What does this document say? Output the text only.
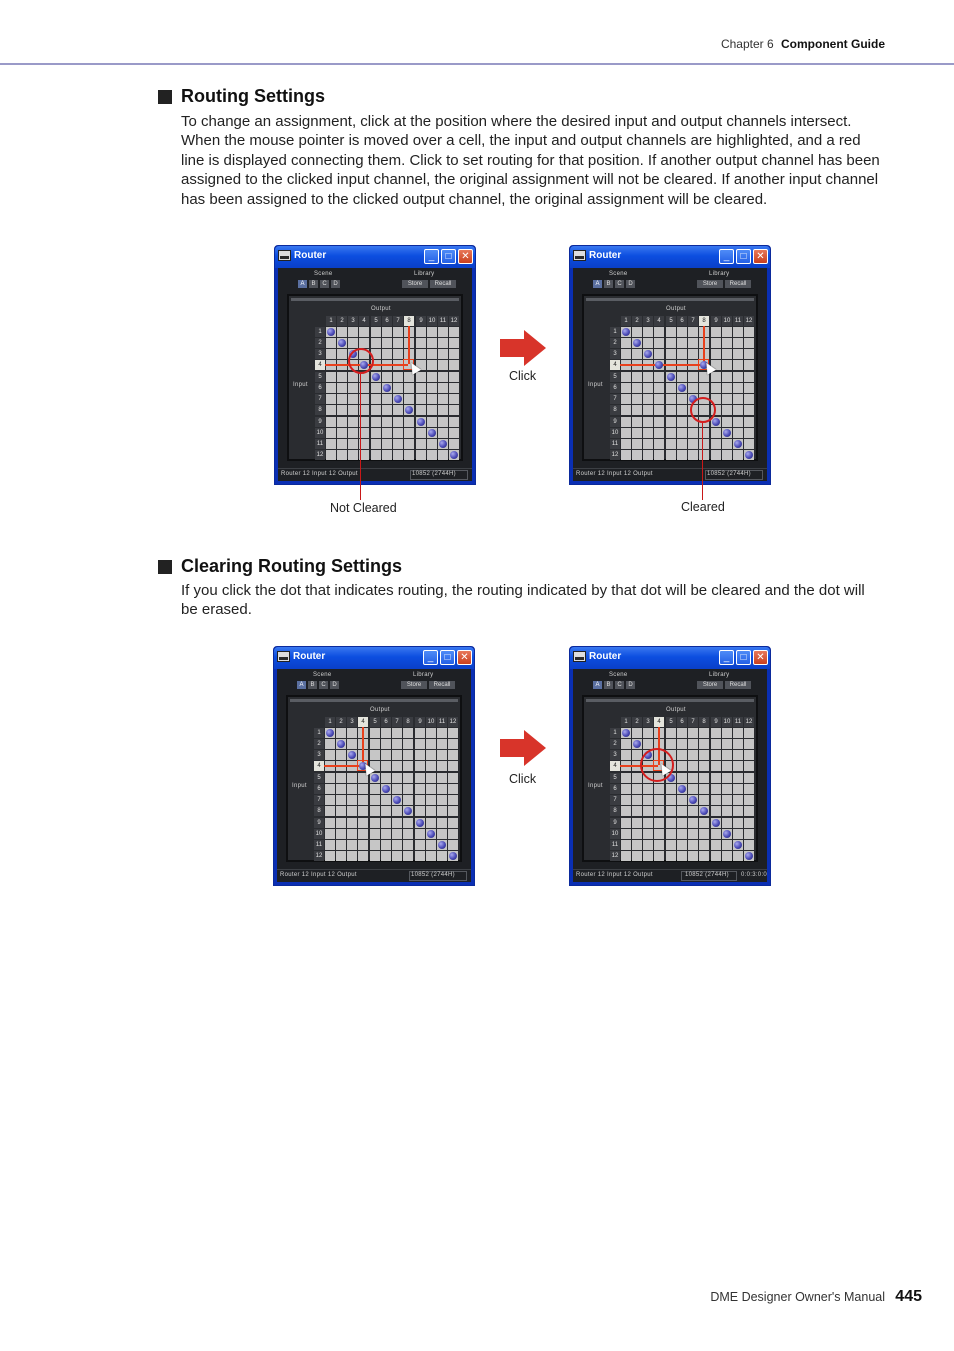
Chapter 6 Component Guide
Routing Settings
To change an assignment, click at the position where the desired input and output channels intersect. When the mouse pointer is moved over a cell, the input and output channels are highlighted, and a red line is displayed connecting them. Click to set routing for that position. If another output channel has been assigned to the clicked input channel, the original assignment will not be cleared. If another input channel has been assigned to the clicked output channel, the original assignment will be cleared.
Router	_	□ ✕
Scene
A	B	C	D
Library
Store	Recall
Output
Input
1
1
2
2
3
3
4
4
5
5
6
6
7
7
8
8
9
9
10
10
11
11
12
12
Router 12 Input 12 Output	10852 (2744H)
Click
Router	_	□ ✕
Scene
A	B	C	D
Library
Store	Recall
Output
Input
1
1
2
2
3
3
4
4
5
5
6
6
7
7
8
8
9
9
10
10
11
11
12
12
Router 12 Input 12 Output	10852 (2744H)
Not Cleared	Cleared
Clearing Routing Settings
If you click the dot that indicates routing, the routing indicated by that dot will be cleared and the dot will be erased.
Router	_	□ ✕
Scene
A	B	C	D
Library
Store	Recall
Output
Input
1
1
2
2
3
3
4
4
5
5
6
6
7
7
8
8
9
9
10
10
11
11
12
12
Router 12 Input 12 Output	10852 (2744H)
Click
Router	_	□ ✕
Scene
A	B	C	D
Library
Store	Recall
Output
Input
1
1
2
2
3
3
4
4
5
5
6
6
7
7
8
8
9
9
10
10
11
11
12
12
Router 12 Input 12 Output	10852 (2744H) 0:0:3:0:0
DME Designer Owner's Manual 445
